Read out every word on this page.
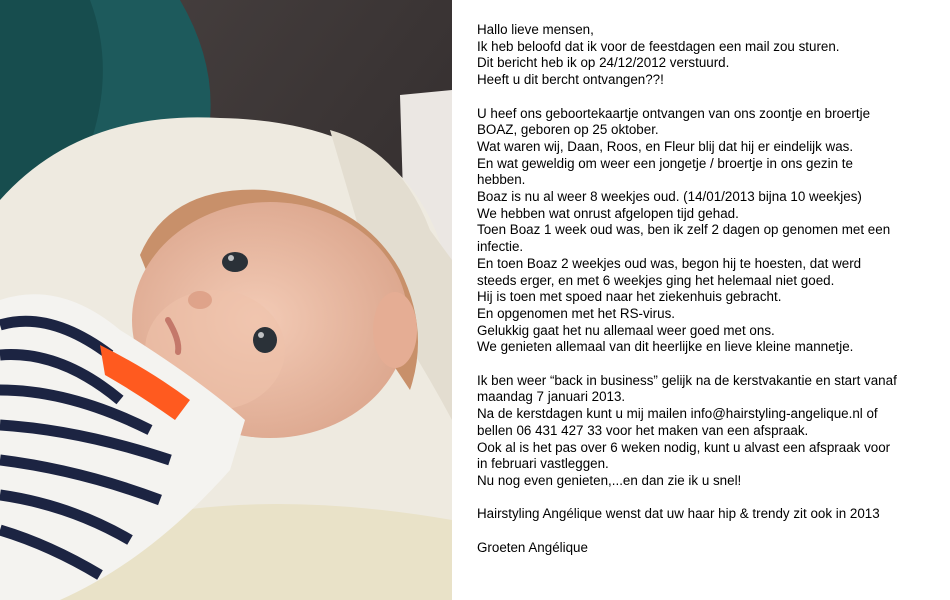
Hallo lieve mensen,

Ik heb beloofd dat ik voor de feestdagen een mail zou sturen.

Dit bericht heb ik op 24/12/2012 verstuurd.

Heeft u dit bercht ontvangen??!

U heef ons geboortekaartje ontvangen van ons zoontje en broertje

BOAZ, geboren op 25 oktober.

Wat waren wij, Daan, Roos, en Fleur blij dat hij er eindelijk was.

En wat geweldig om weer een jongetje / broertje in ons gezin te

hebben.

Boaz is nu al weer 8 weekjes oud. (14/01/2013 bijna 10 weekjes)

We hebben wat onrust afgelopen tijd gehad.

Toen Boaz 1 week oud was, ben ik zelf 2 dagen op genomen met een

infectie.

En toen Boaz 2 weekjes oud was, begon hij te hoesten, dat werd

steeds erger, en met 6 weekjes ging het helemaal niet goed.

Hij is toen met spoed naar het ziekenhuis gebracht.

En opgenomen met het RS-virus.

Gelukkig gaat het nu allemaal weer goed met ons.

We genieten allemaal van dit heerlijke en lieve kleine mannetje.

Ik ben weer “back in business” gelijk na de kerstvakantie en start vanaf

maandag 7 januari 2013.

Na de kerstdagen kunt u mij mailen info@hairstyling-angelique.nl of

bellen 06 431 427 33 voor het maken van een afspraak.

Ook al is het pas over 6 weken nodig, kunt u alvast een afspraak voor

in februari vastleggen.

Nu nog even genieten,...en dan zie ik u snel!

Hairstyling Angélique wenst dat uw haar hip & trendy zit ook in 2013

Groeten Angélique
